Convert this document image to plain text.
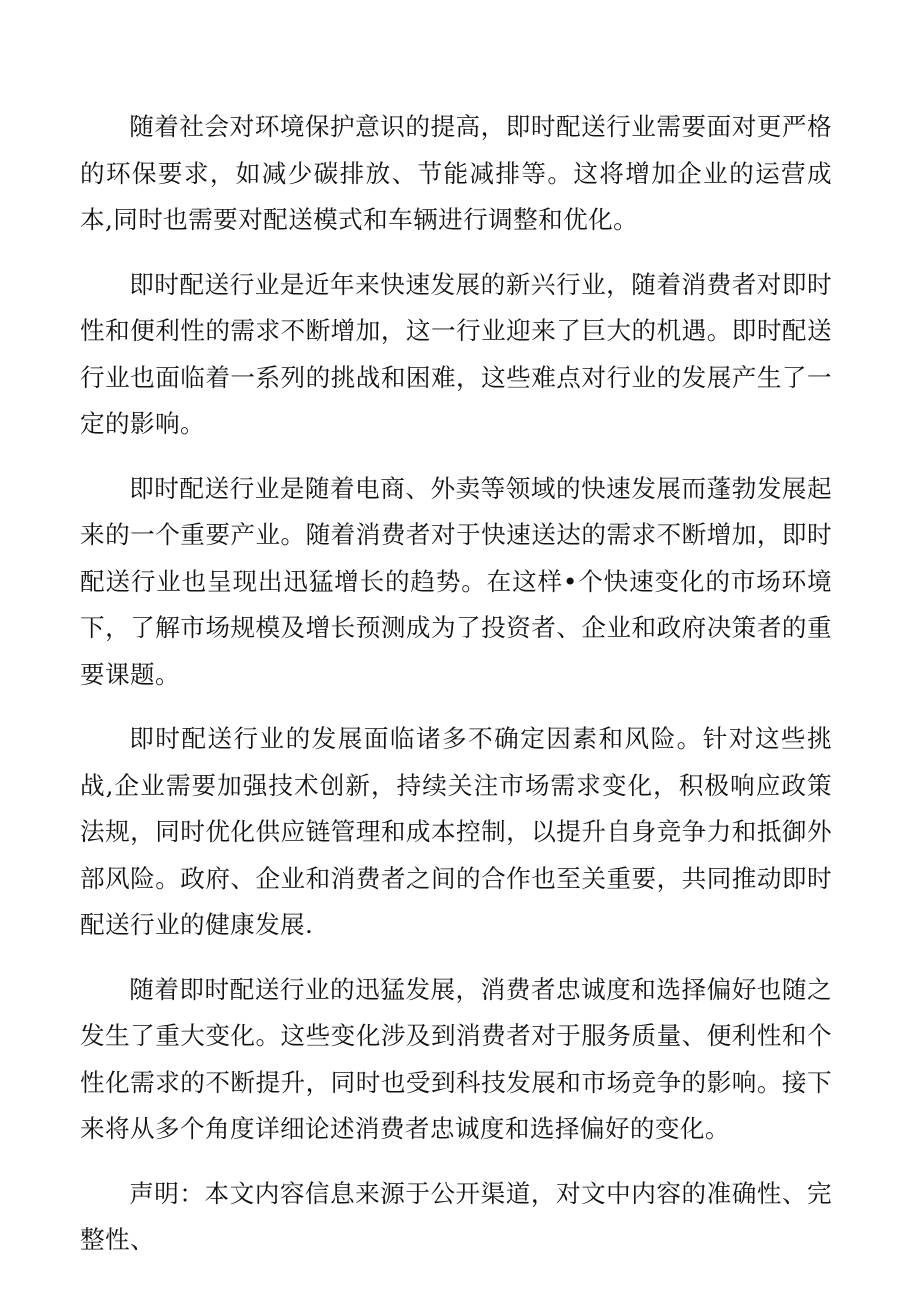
随着社会对环境保护意识的提高，即时配送行业需要面对更严格的环保要求，如减少碳排放、节能减排等。这将增加企业的运营成本,同时也需要对配送模式和车辆进行调整和优化。

即时配送行业是近年来快速发展的新兴行业，随着消费者对即时性和便利性的需求不断增加，这一行业迎来了巨大的机遇。即时配送行业也面临着一系列的挑战和困难，这些难点对行业的发展产生了一定的影响。

即时配送行业是随着电商、外卖等领域的快速发展而蓬勃发展起来的一个重要产业。随着消费者对于快速送达的需求不断增加，即时配送行业也呈现出迅猛增长的趋势。在这样•个快速变化的市场环境下，了解市场规模及增长预测成为了投资者、企业和政府决策者的重要课题。

即时配送行业的发展面临诸多不确定因素和风险。针对这些挑战,企业需要加强技术创新，持续关注市场需求变化，积极响应政策法规，同时优化供应链管理和成本控制，以提升自身竞争力和抵御外部风险。政府、企业和消费者之间的合作也至关重要，共同推动即时配送行业的健康发展.

随着即时配送行业的迅猛发展，消费者忠诚度和选择偏好也随之发生了重大变化。这些变化涉及到消费者对于服务质量、便利性和个性化需求的不断提升，同时也受到科技发展和市场竞争的影响。接下来将从多个角度详细论述消费者忠诚度和选择偏好的变化。

声明：本文内容信息来源于公开渠道，对文中内容的准确性、完整性、
